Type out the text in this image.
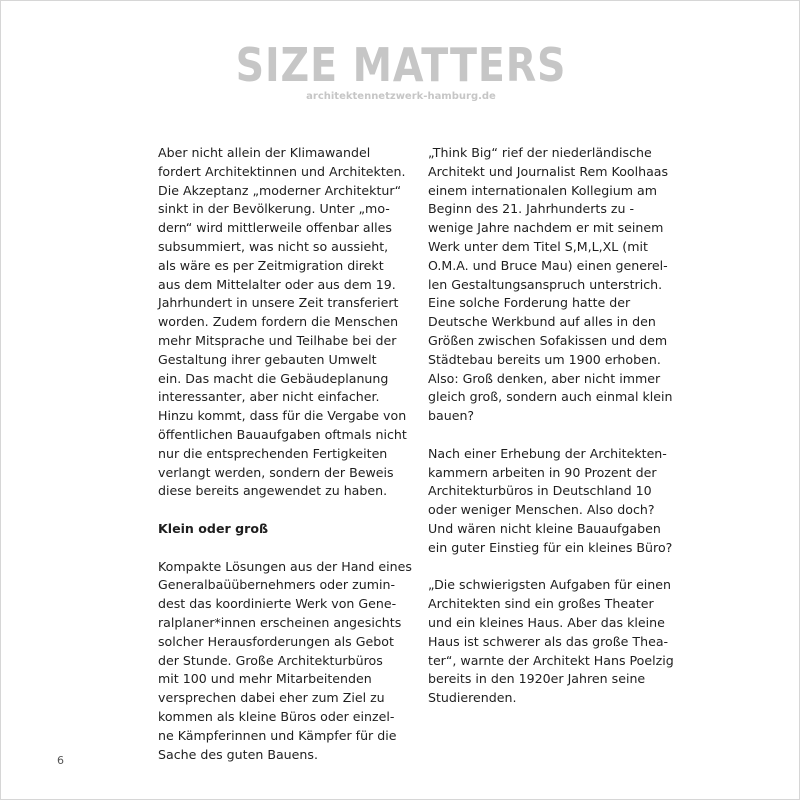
SIZE MATTERS
architektennetzwerk-hamburg.de

Aber nicht allein der Klimawandel
fordert Architektinnen und Architekten.
Die Akzeptanz „moderner Architektur“
sinkt in der Bevölkerung. Unter „mo-
dern“ wird mittlerweile offenbar alles
subsummiert, was nicht so aussieht,
als wäre es per Zeitmigration direkt
aus dem Mittelalter oder aus dem 19.
Jahrhundert in unsere Zeit transferiert
worden. Zudem fordern die Menschen
mehr Mitsprache und Teilhabe bei der
Gestaltung ihrer gebauten Umwelt
ein. Das macht die Gebäudeplanung
interessanter, aber nicht einfacher.
Hinzu kommt, dass für die Vergabe von
öffentlichen Bauaufgaben oftmals nicht
nur die entsprechenden Fertigkeiten
verlangt werden, sondern der Beweis
diese bereits angewendet zu haben.

Klein oder groß

Kompakte Lösungen aus der Hand eines
Generalbaüübernehmers oder zumin-
dest das koordinierte Werk von Gene-
ralplaner*innen erscheinen angesichts
solcher Herausforderungen als Gebot
der Stunde. Große Architekturbüros
mit 100 und mehr Mitarbeitenden
versprechen dabei eher zum Ziel zu
kommen als kleine Büros oder einzel-
ne Kämpferinnen und Kämpfer für die
Sache des guten Bauens.

„Think Big“ rief der niederländische
Architekt und Journalist Rem Koolhaas
einem internationalen Kollegium am
Beginn des 21. Jahrhunderts zu -
wenige Jahre nachdem er mit seinem
Werk unter dem Titel S,M,L,XL (mit
O.M.A. und Bruce Mau) einen generel-
len Gestaltungsanspruch unterstrich.
Eine solche Forderung hatte der
Deutsche Werkbund auf alles in den
Größen zwischen Sofakissen und dem
Städtebau bereits um 1900 erhoben.
Also: Groß denken, aber nicht immer
gleich groß, sondern auch einmal klein
bauen?

Nach einer Erhebung der Architekten-
kammern arbeiten in 90 Prozent der
Architekturbüros in Deutschland 10
oder weniger Menschen. Also doch?
Und wären nicht kleine Bauaufgaben
ein guter Einstieg für ein kleines Büro?

„Die schwierigsten Aufgaben für einen
Architekten sind ein großes Theater
und ein kleines Haus. Aber das kleine
Haus ist schwerer als das große Thea-
ter“, warnte der Architekt Hans Poelzig
bereits in den 1920er Jahren seine
Studierenden.

6
